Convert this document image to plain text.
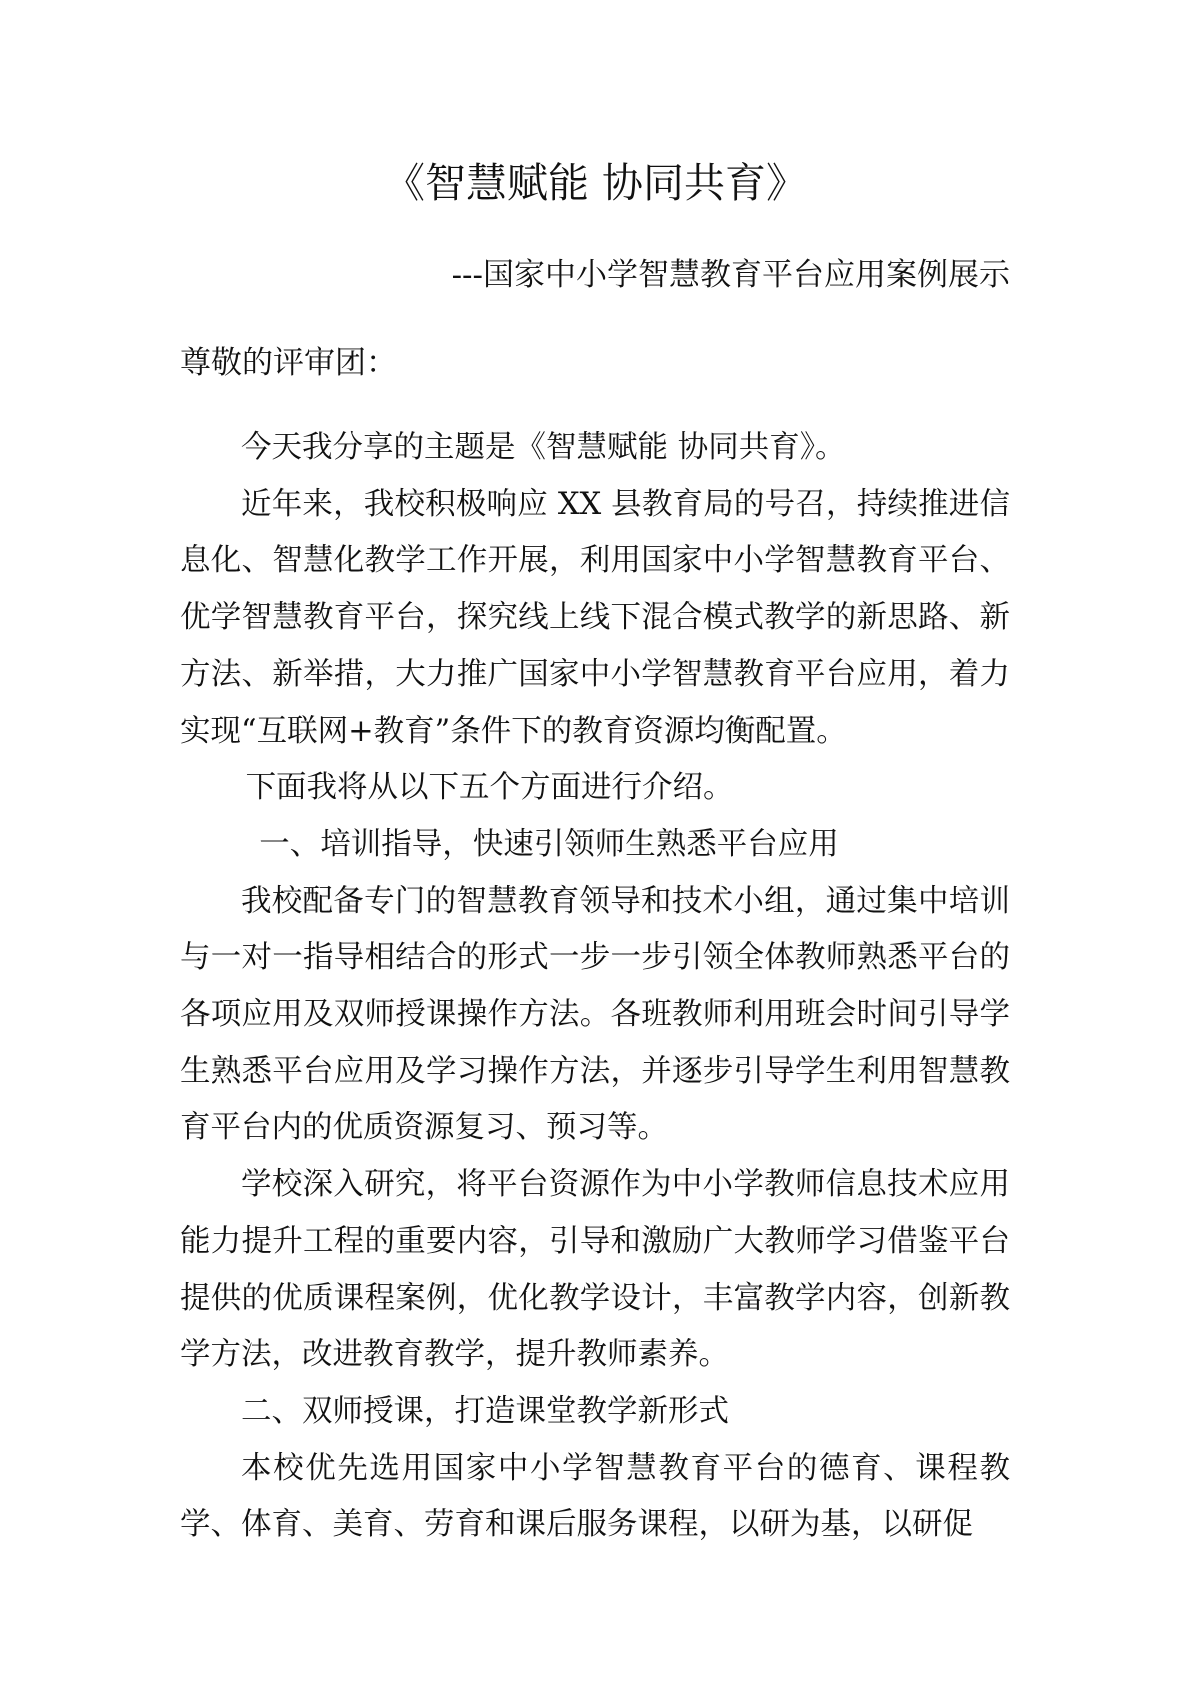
《智慧赋能 协同共育》
---国家中小学智慧教育平台应用案例展示
尊敬的评审团：

今天我分享的主题是《智慧赋能 协同共育》。

近年来，我校积极响应 XX 县教育局的号召，持续推进信息化、智慧化教学工作开展，利用国家中小学智慧教育平台、优学智慧教育平台，探究线上线下混合模式教学的新思路、新方法、新举措，大力推广国家中小学智慧教育平台应用，着力实现“互联网+教育”条件下的教育资源均衡配置。

下面我将从以下五个方面进行介绍。

一、培训指导，快速引领师生熟悉平台应用

我校配备专门的智慧教育领导和技术小组，通过集中培训与一对一指导相结合的形式一步一步引领全体教师熟悉平台的各项应用及双师授课操作方法。各班教师利用班会时间引导学生熟悉平台应用及学习操作方法，并逐步引导学生利用智慧教育平台内的优质资源复习、预习等。

学校深入研究，将平台资源作为中小学教师信息技术应用能力提升工程的重要内容，引导和激励广大教师学习借鉴平台提供的优质课程案例，优化教学设计，丰富教学内容，创新教学方法，改进教育教学，提升教师素养。

二、双师授课，打造课堂教学新形式

本校优先选用国家中小学智慧教育平台的德育、课程教学、体育、美育、劳育和课后服务课程，以研为基，以研促
